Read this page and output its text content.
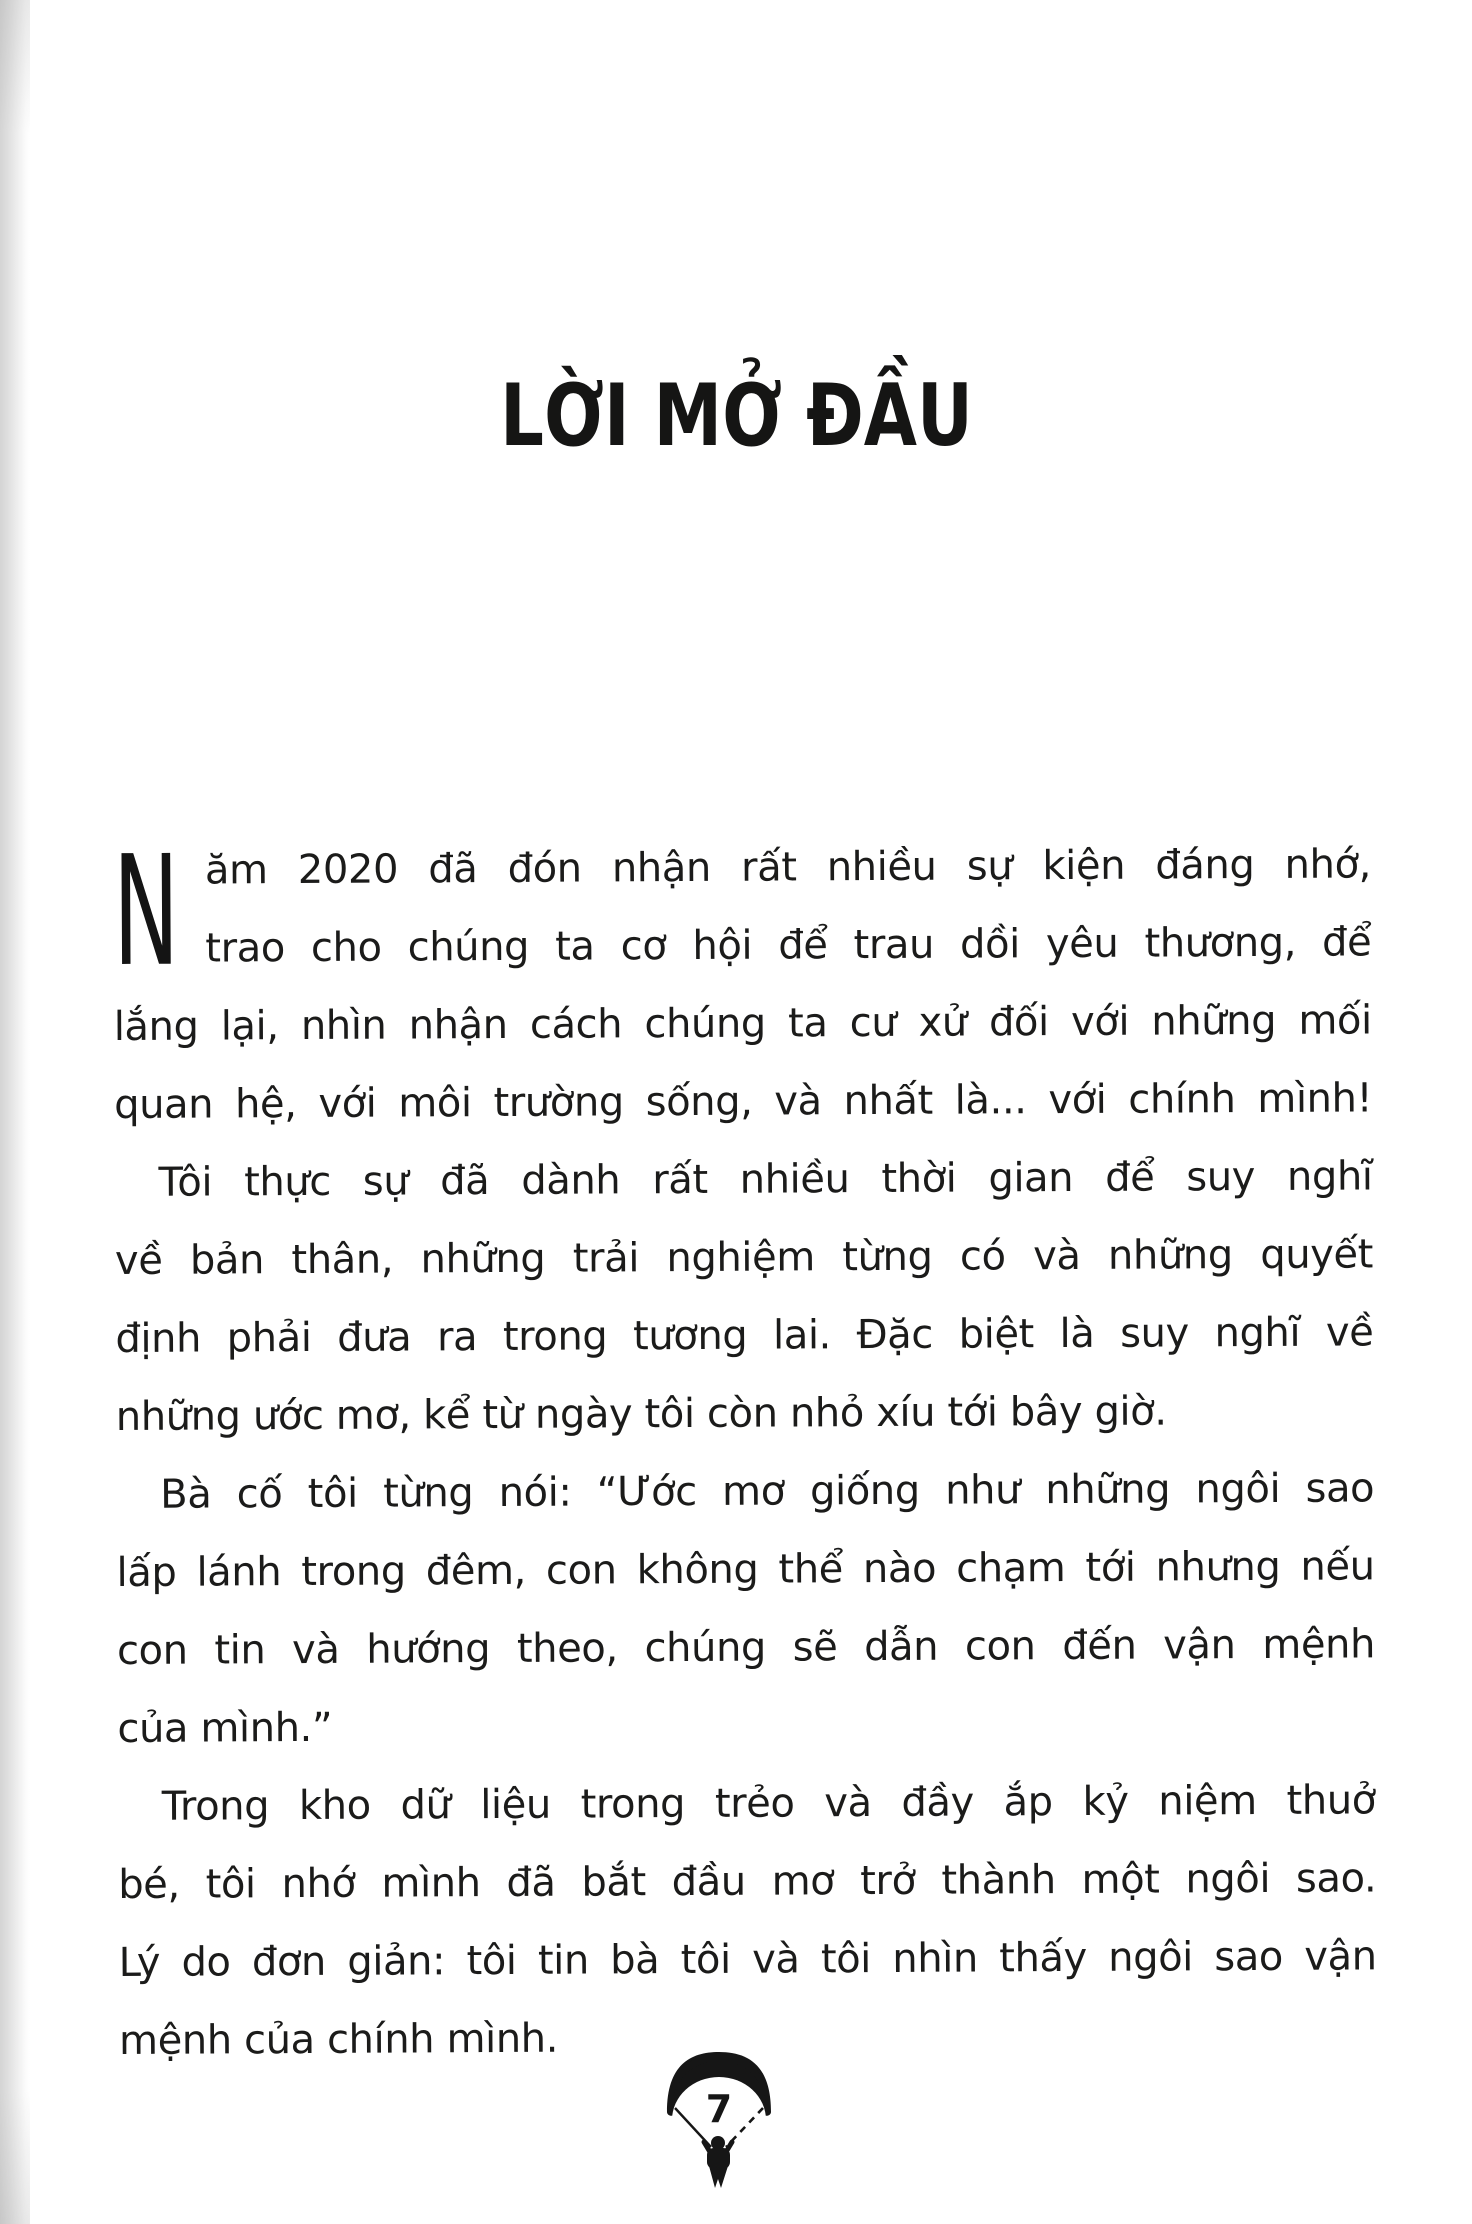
LỜI MỞ ĐẦU
N ăm 2020 đã đón nhận rất nhiều sự kiện đáng nhớ,
trao cho chúng ta cơ hội để trau dồi yêu thương, để
lắng lại, nhìn nhận cách chúng ta cư xử đối với những mối
quan hệ, với môi trường sống, và nhất là... với chính mình!
Tôi thực sự đã dành rất nhiều thời gian để suy nghĩ
về bản thân, những trải nghiệm từng có và những quyết
định phải đưa ra trong tương lai. Đặc biệt là suy nghĩ về
những ước mơ, kể từ ngày tôi còn nhỏ xíu tới bây giờ.
Bà cố tôi từng nói: “Ước mơ giống như những ngôi sao
lấp lánh trong đêm, con không thể nào chạm tới nhưng nếu
con tin và hướng theo, chúng sẽ dẫn con đến vận mệnh
của mình.”
Trong kho dữ liệu trong trẻo và đầy ắp kỷ niệm thuở
bé, tôi nhớ mình đã bắt đầu mơ trở thành một ngôi sao.
Lý do đơn giản: tôi tin bà tôi và tôi nhìn thấy ngôi sao vận
mệnh của chính mình.
7
